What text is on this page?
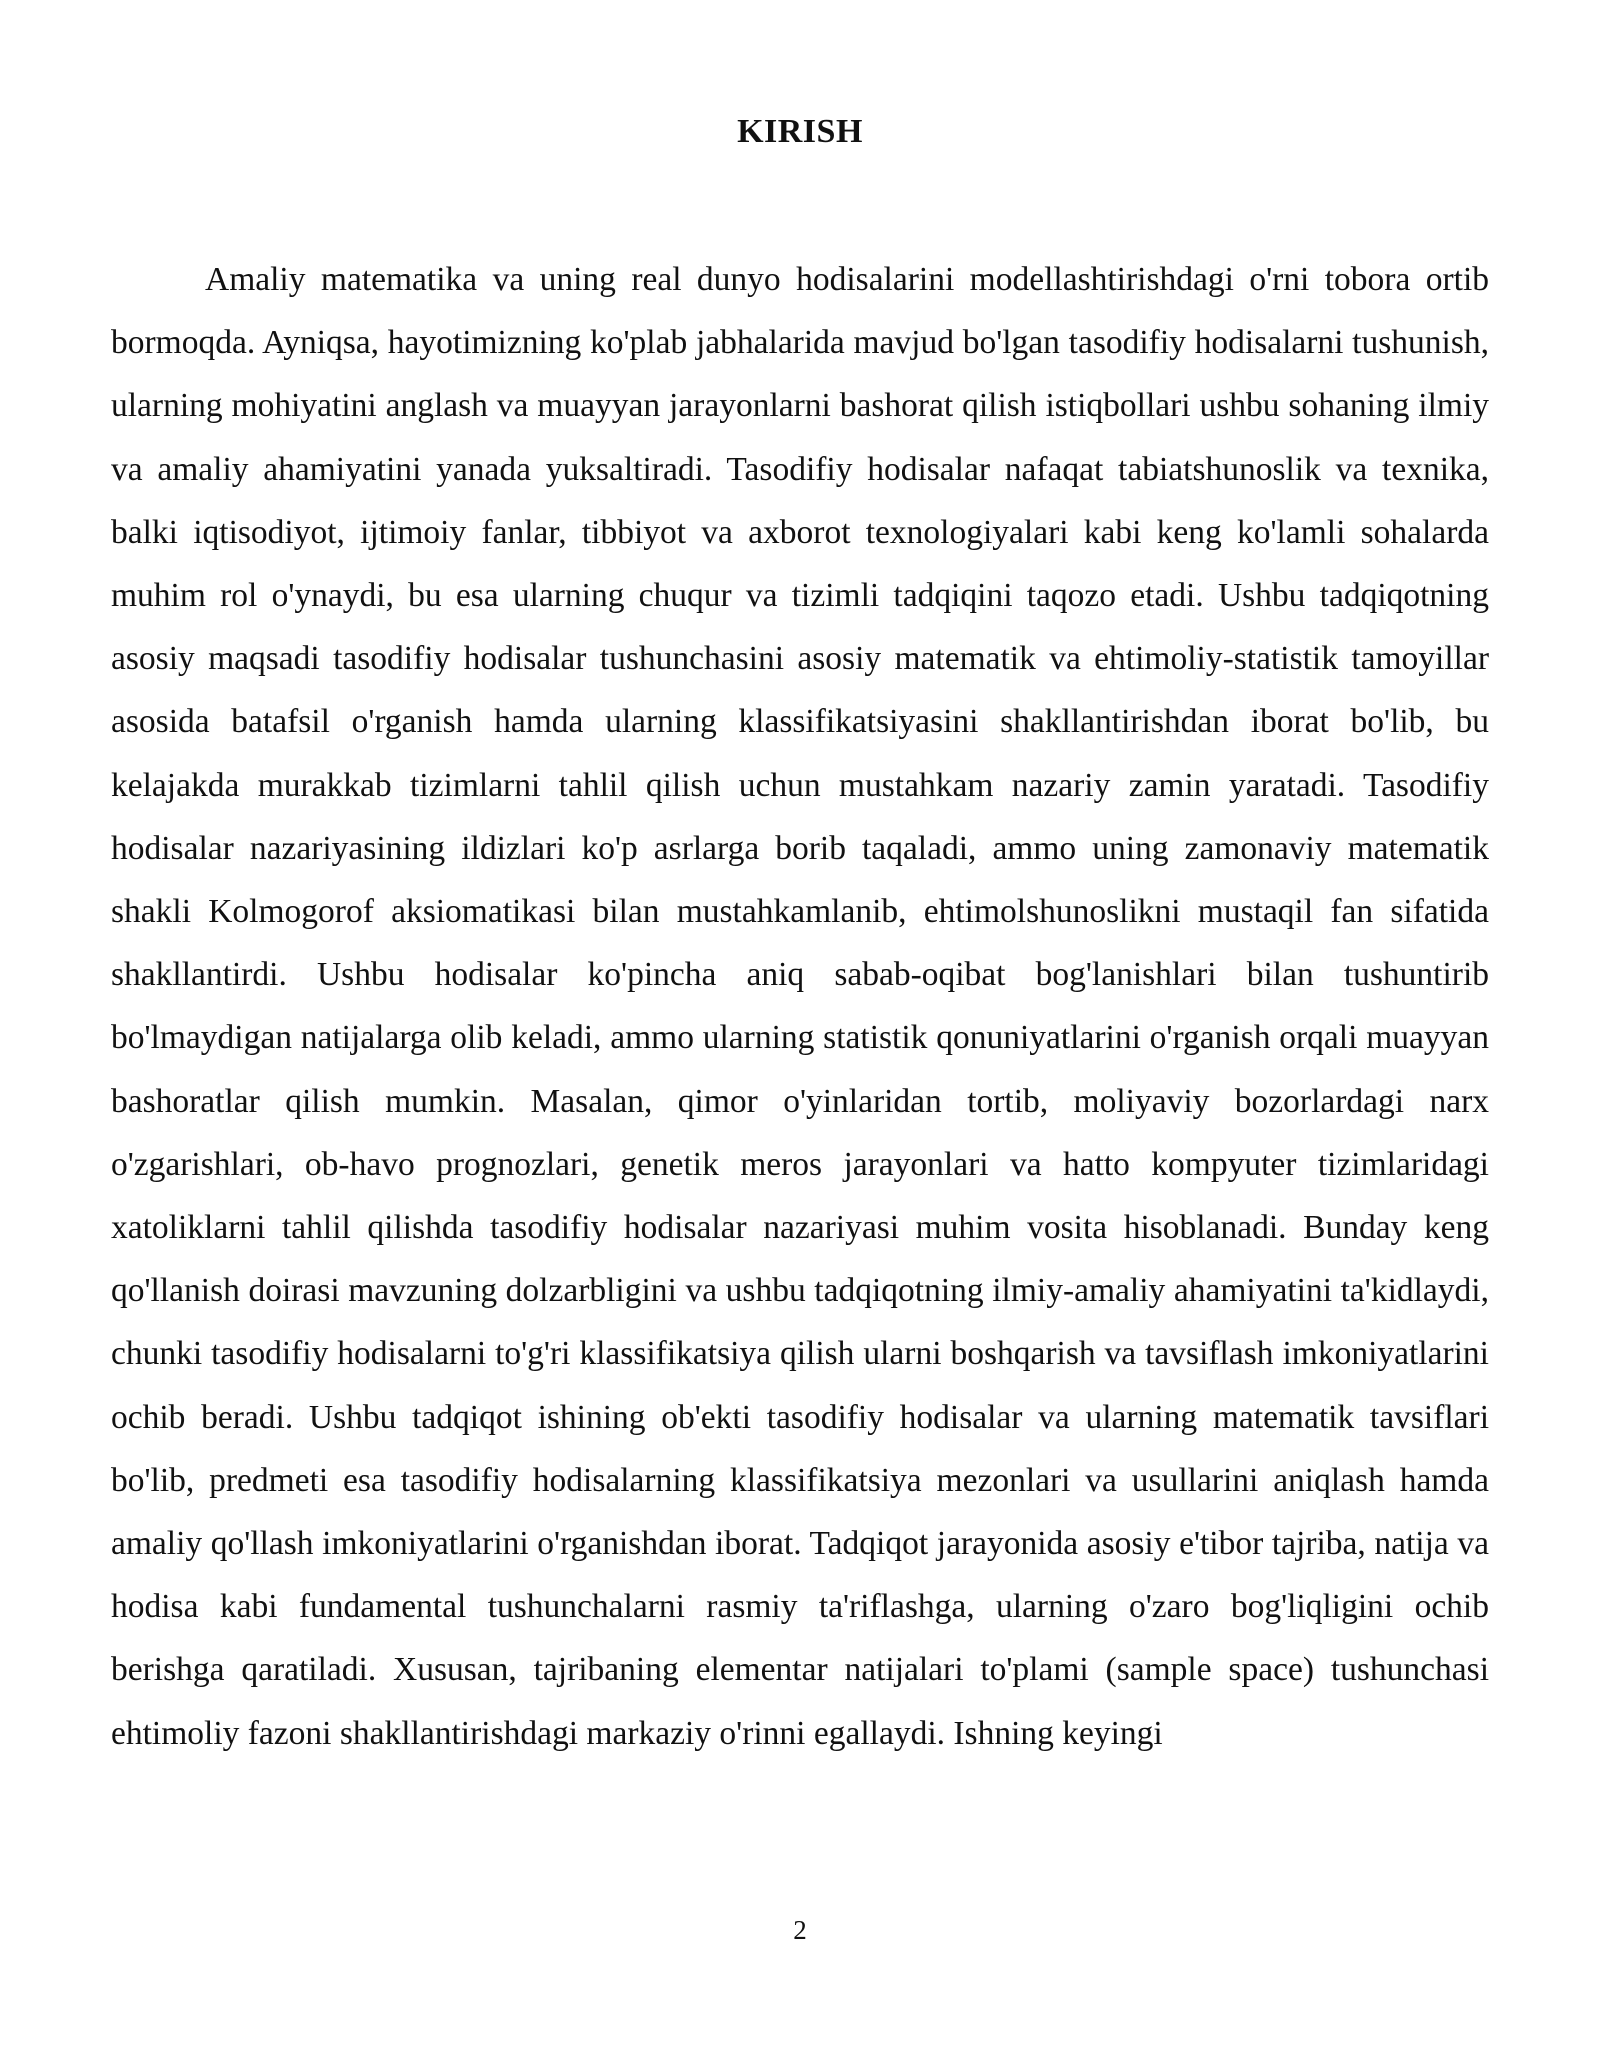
KIRISH

Amaliy matematika va uning real dunyo hodisalarini modellashtirishdagi o'rni tobora ortib bormoqda. Ayniqsa, hayotimizning ko'plab jabhalarida mavjud bo'lgan tasodifiy hodisalarni tushunish, ularning mohiyatini anglash va muayyan jarayonlarni bashorat qilish istiqbollari ushbu sohaning ilmiy va amaliy ahamiyatini yanada yuksaltiradi. Tasodifiy hodisalar nafaqat tabiatshunoslik va texnika, balki iqtisodiyot, ijtimoiy fanlar, tibbiyot va axborot texnologiyalari kabi keng ko'lamli sohalarda muhim rol o'ynaydi, bu esa ularning chuqur va tizimli tadqiqini taqozo etadi. Ushbu tadqiqotning asosiy maqsadi tasodifiy hodisalar tushunchasini asosiy matematik va ehtimoliy-statistik tamoyillar asosida batafsil o'rganish hamda ularning klassifikatsiyasini shakllantirishdan iborat bo'lib, bu kelajakda murakkab tizimlarni tahlil qilish uchun mustahkam nazariy zamin yaratadi. Tasodifiy hodisalar nazariyasining ildizlari ko'p asrlarga borib taqaladi, ammo uning zamonaviy matematik shakli Kolmogorof aksiomatikasi bilan mustahkamlanib, ehtimolshunoslikni mustaqil fan sifatida shakllantirdi. Ushbu hodisalar ko'pincha aniq sabab-oqibat bog'lanishlari bilan tushuntirib bo'lmaydigan natijalarga olib keladi, ammo ularning statistik qonuniyatlarini o'rganish orqali muayyan bashoratlar qilish mumkin. Masalan, qimor o'yinlaridan tortib, moliyaviy bozorlardagi narx o'zgarishlari, ob-havo prognozlari, genetik meros jarayonlari va hatto kompyuter tizimlaridagi xatoliklarni tahlil qilishda tasodifiy hodisalar nazariyasi muhim vosita hisoblanadi. Bunday keng qo'llanish doirasi mavzuning dolzarbligini va ushbu tadqiqotning ilmiy-amaliy ahamiyatini ta'kidlaydi, chunki tasodifiy hodisalarni to'g'ri klassifikatsiya qilish ularni boshqarish va tavsiflash imkoniyatlarini ochib beradi. Ushbu tadqiqot ishining ob'ekti tasodifiy hodisalar va ularning matematik tavsiflari bo'lib, predmeti esa tasodifiy hodisalarning klassifikatsiya mezonlari va usullarini aniqlash hamda amaliy qo'llash imkoniyatlarini o'rganishdan iborat. Tadqiqot jarayonida asosiy e'tibor tajriba, natija va hodisa kabi fundamental tushunchalarni rasmiy ta'riflashga, ularning o'zaro bog'liqligini ochib berishga qaratiladi. Xususan, tajribaning elementar natijalari to'plami (sample space) tushunchasi ehtimoliy fazoni shakllantirishdagi markaziy o'rinni egallaydi. Ishning keyingi

2
